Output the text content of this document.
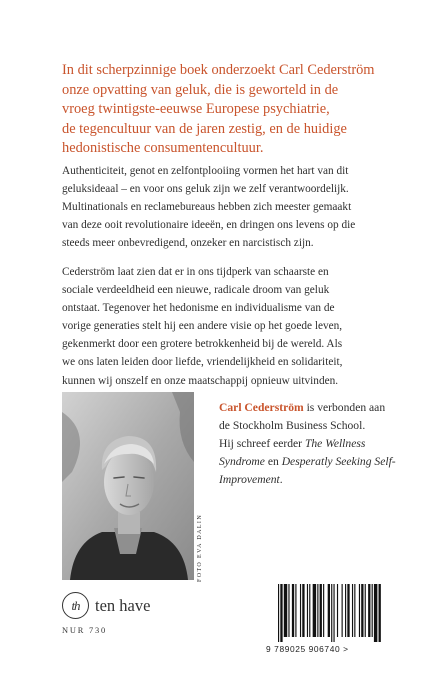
In dit scherpzinnige boek onderzoekt Carl Cederström
onze opvatting van geluk, die is geworteld in de
vroeg twintigste-eeuwse Europese psychiatrie,
de tegencultuur van de jaren zestig, en de huidige
hedonistische consumentencultuur.
Authenticiteit, genot en zelfontplooiing vormen het hart van dit
geluksideaal – en voor ons geluk zijn we zelf verantwoordelijk.
Multinationals en reclamebureaus hebben zich meester gemaakt
van deze ooit revolutionaire ideeën, en dringen ons levens op die
steeds meer onbevredigend, onzeker en narcistisch zijn.
Cederström laat zien dat er in ons tijdperk van schaarste en
sociale verdeeldheid een nieuwe, radicale droom van geluk
ontstaat. Tegenover het hedonisme en individualisme van de
vorige generaties stelt hij een andere visie op het goede leven,
gekenmerkt door een grotere betrokkenheid bij de wereld. Als
we ons laten leiden door liefde, vriendelijkheid en solidariteit,
kunnen wij onszelf en onze maatschappij opnieuw uitvinden.
FOTO EVA DALIN
Carl Cederström is verbonden aan
de Stockholm Business School.
Hij schreef eerder The Wellness
Syndrome en Desperatly Seeking Self-
Improvement.
th ten have
NUR 730
9 789025 906740 >
